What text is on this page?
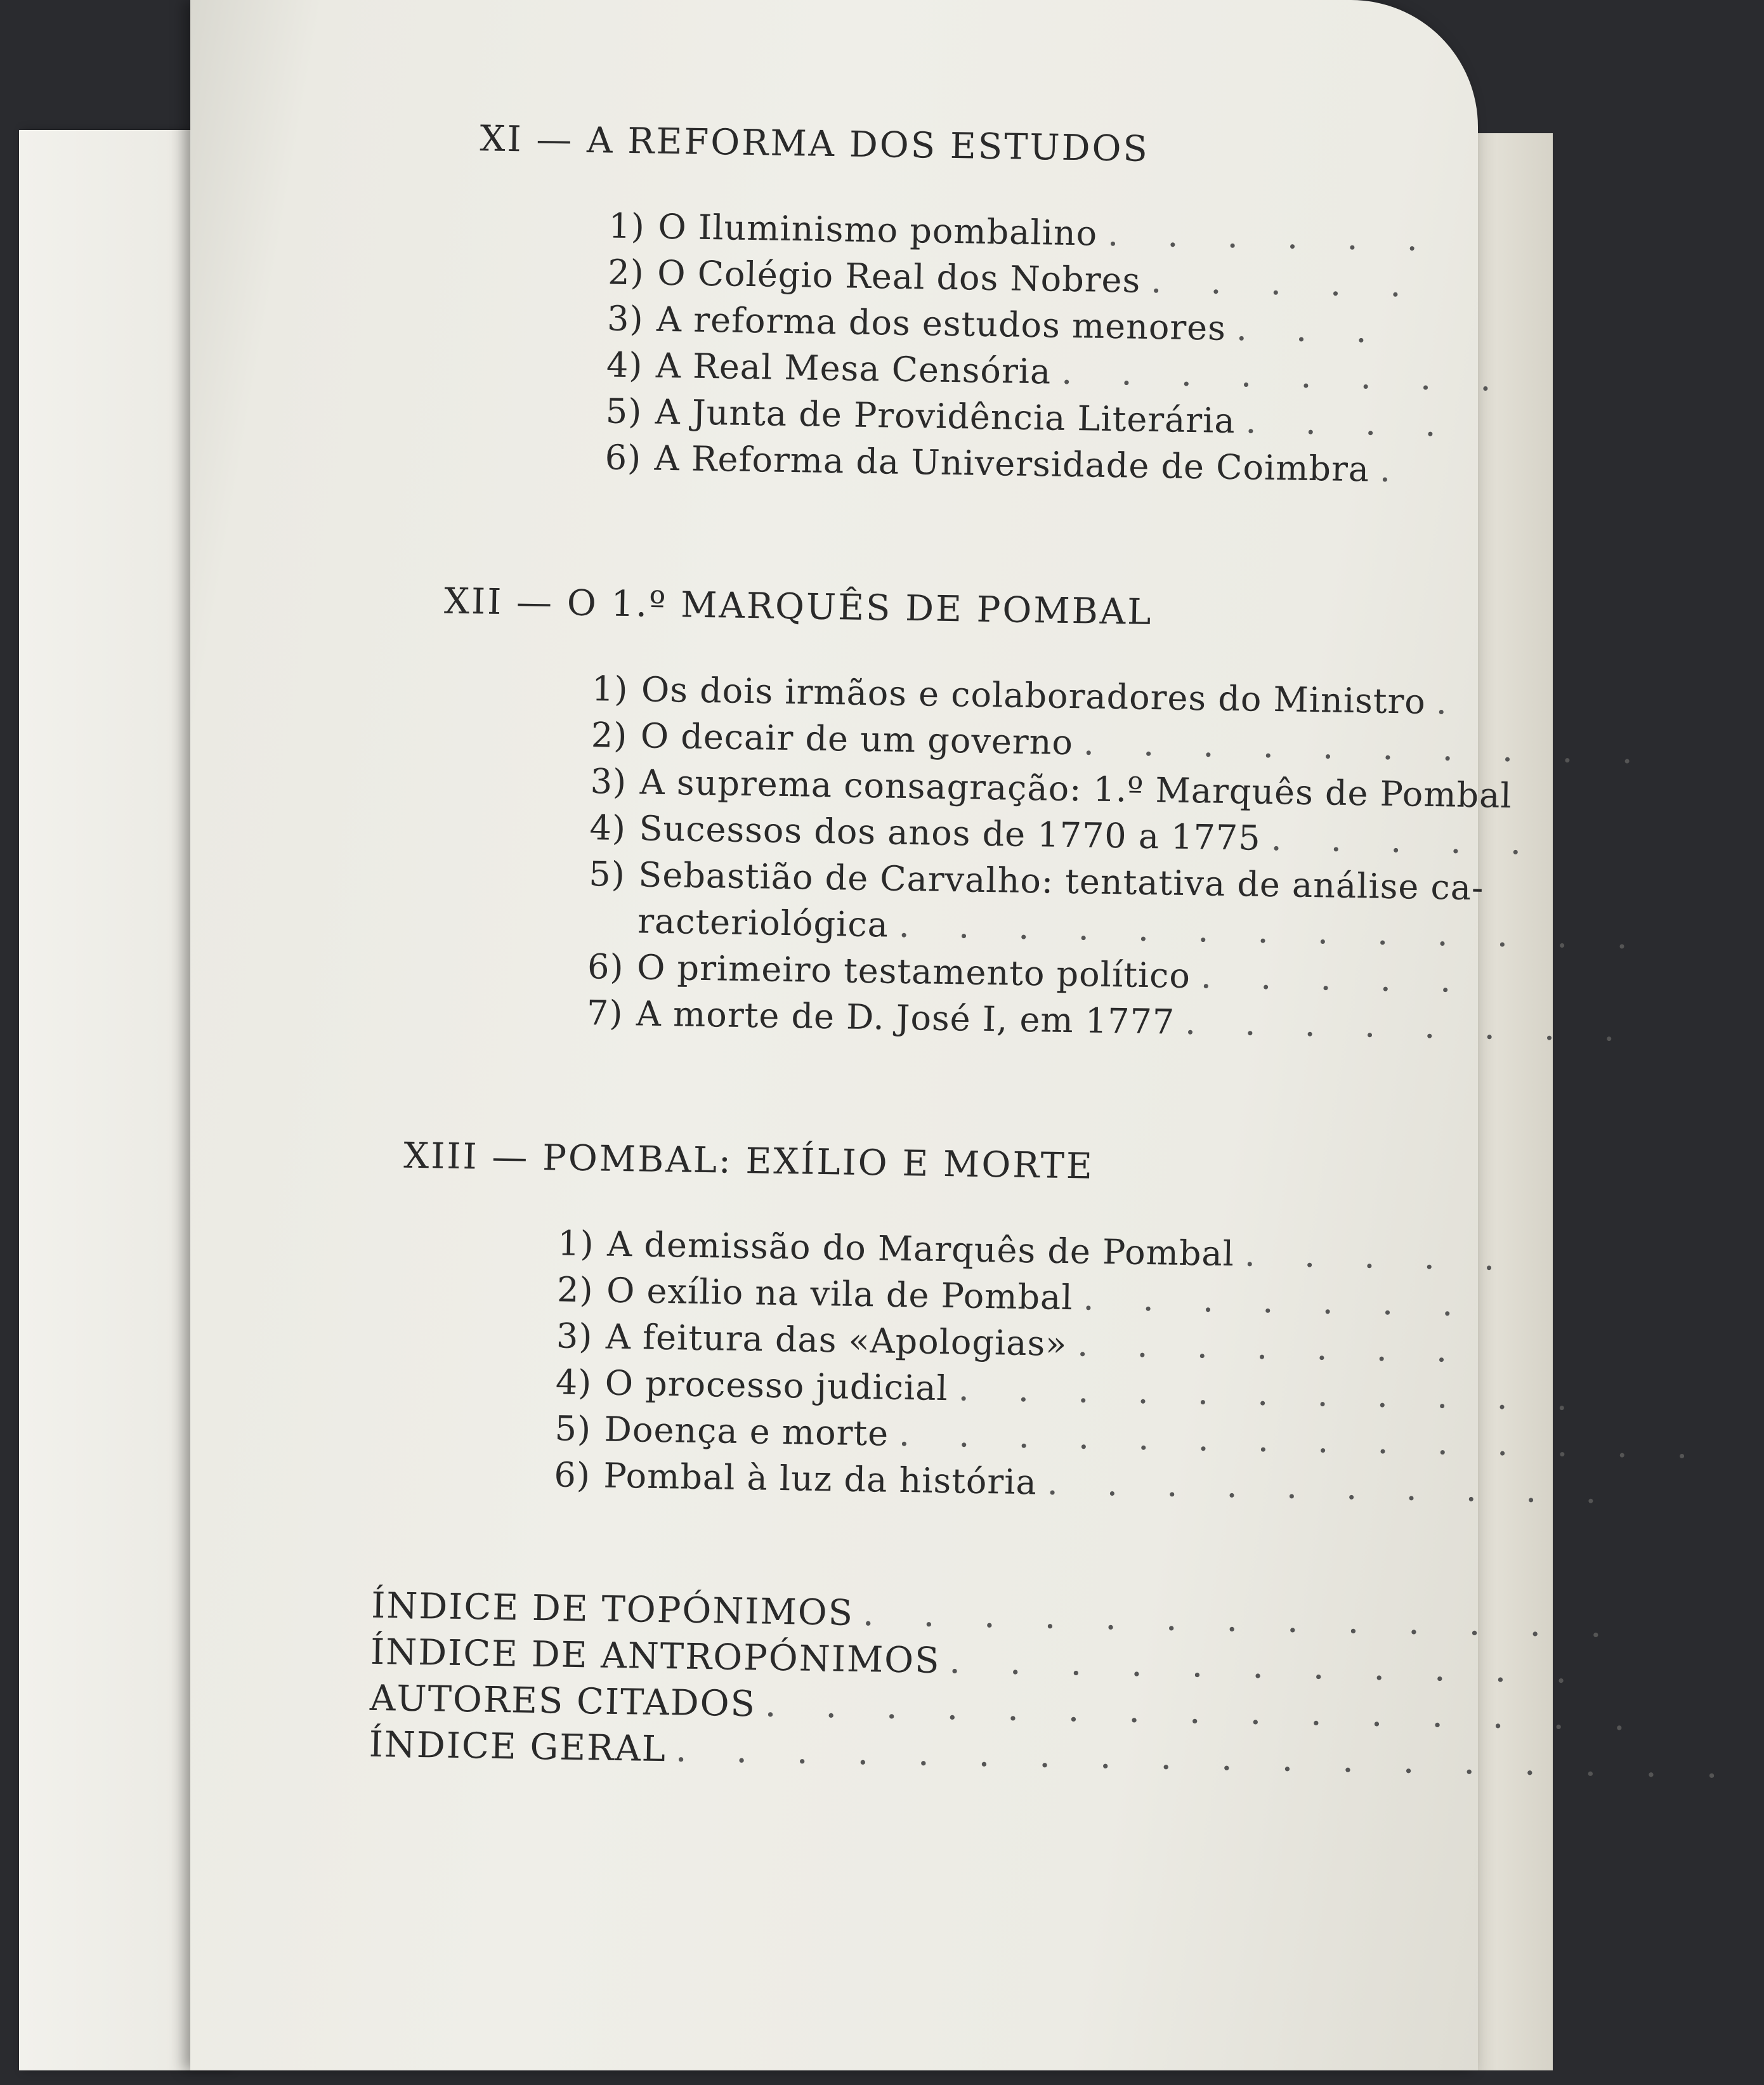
XI — A REFORMA DOS ESTUDOS
1) O Iluminismo pombalino . . . . . .
2) O Colégio Real dos Nobres . . . . .
3) A reforma dos estudos menores . . .
4) A Real Mesa Censória . . . . . . . .
5) A Junta de Providência Literária . . . .
6) A Reforma da Universidade de Coimbra .
XII — O 1.º MARQUÊS DE POMBAL
1) Os dois irmãos e colaboradores do Ministro .
2) O decair de um governo . . . . . . . . . .
3) A suprema consagração: 1.º Marquês de Pombal
4) Sucessos dos anos de 1770 a 1775 . . . . .
5) Sebastião de Carvalho: tentativa de análise ca-
racteriológica . . . . . . . . . . . . .
6) O primeiro testamento político . . . . .
7) A morte de D. José I, em 1777 . . . . . . . .
XIII — POMBAL: EXÍLIO E MORTE
1) A demissão do Marquês de Pombal . . . . .
2) O exílio na vila de Pombal . . . . . . .
3) A feitura das «Apologias» . . . . . . .
4) O processo judicial . . . . . . . . . . .
5) Doença e morte . . . . . . . . . . . . . .
6) Pombal à luz da história . . . . . . . . . .
ÍNDICE DE TOPÓNIMOS . . . . . . . . . . . . .
ÍNDICE DE ANTROPÓNIMOS . . . . . . . . . . .
AUTORES CITADOS . . . . . . . . . . . . . . .
ÍNDICE GERAL . . . . . . . . . . . . . . . . . .
